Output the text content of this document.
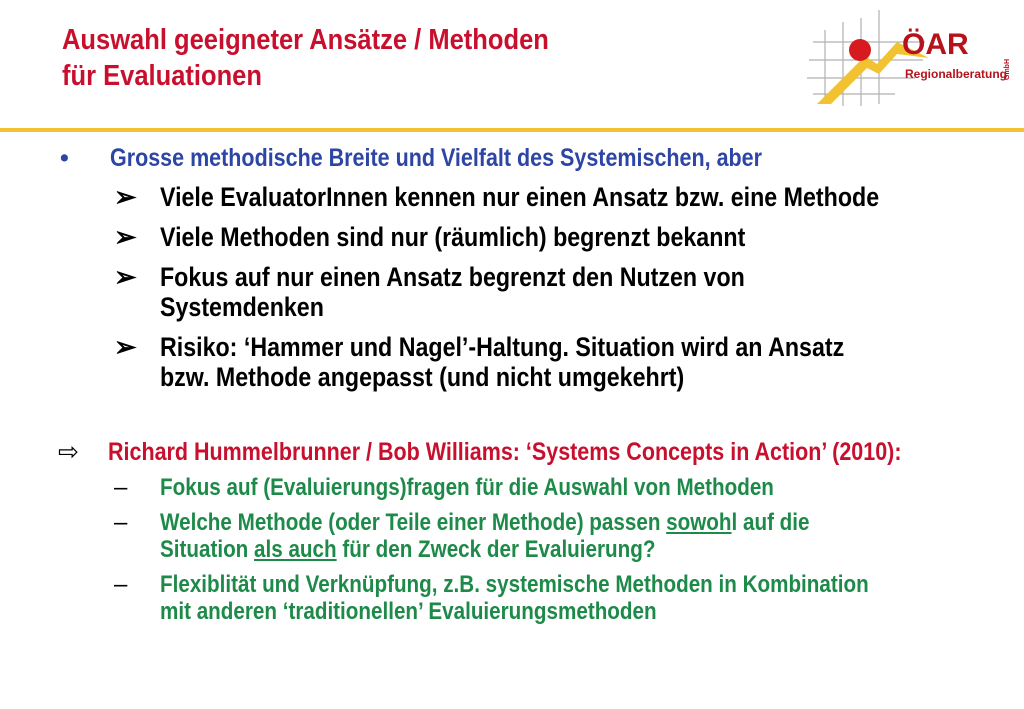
Auswahl geeigneter Ansätze / Methoden
für Evaluationen
ÖAR
Regionalberatung
GmbH
•	Grosse methodische Breite und Vielfalt des Systemischen, aber
➢ Viele EvaluatorInnen kennen nur einen Ansatz bzw. eine Methode
➢ Viele Methoden sind nur (räumlich) begrenzt bekannt
➢ Fokus auf nur einen Ansatz begrenzt den Nutzen von
Systemdenken
➢ Risiko: ‘Hammer und Nagel’-Haltung. Situation wird an Ansatz
bzw. Methode angepasst (und nicht umgekehrt)
⇨	Richard Hummelbrunner / Bob Williams: ‘Systems Concepts in Action’ (2010):
–	Fokus auf (Evaluierungs)fragen für die Auswahl von Methoden
–	Welche Methode (oder Teile einer Methode) passen sowohl auf die
Situation als auch für den Zweck der Evaluierung?
–	Flexiblität und Verknüpfung, z.B. systemische Methoden in Kombination
mit anderen ‘traditionellen’ Evaluierungsmethoden
